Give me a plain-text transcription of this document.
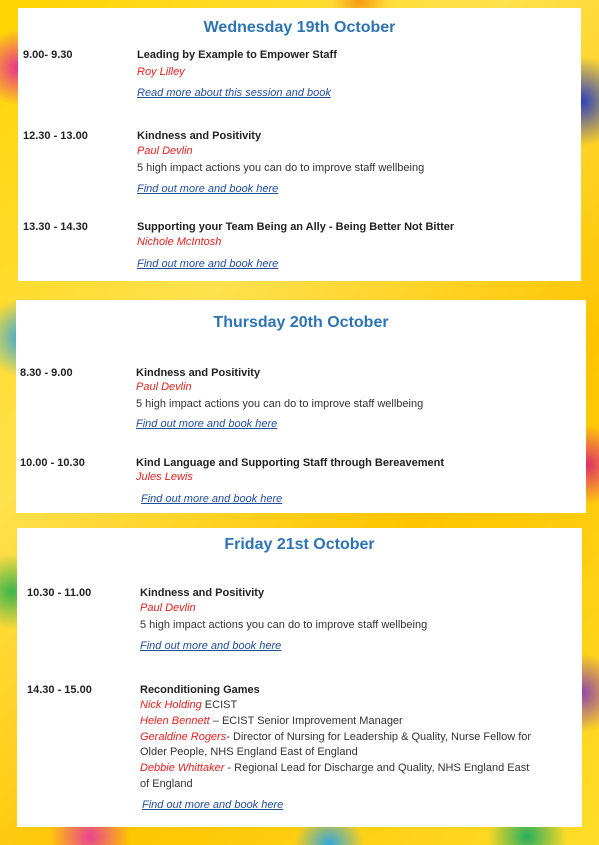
Wednesday 19th October
9.00- 9.30	Leading by Example to Empower Staff
Roy Lilley
Read more about this session and book
12.30 - 13.00	Kindness and Positivity
Paul Devlin
5 high impact actions you can do to improve staff wellbeing
Find out more and book here
13.30 - 14.30	Supporting your Team Being an Ally - Being Better Not Bitter
Nichole McIntosh
Find out more and book here
Thursday 20th October
8.30 - 9.00	Kindness and Positivity
Paul Devlin
5 high impact actions you can do to improve staff wellbeing
Find out more and book here
10.00 - 10.30	Kind Language and Supporting Staff through Bereavement
Jules Lewis
Find out more and book here
Friday 21st October
10.30 - 11.00	Kindness and Positivity
Paul Devlin
5 high impact actions you can do to improve staff wellbeing
Find out more and book here
14.30 - 15.00	Reconditioning Games
Nick Holding ECIST
Helen Bennett – ECIST Senior Improvement Manager
Geraldine Rogers- Director of Nursing for Leadership & Quality, Nurse Fellow for
Older People, NHS England East of England
Debbie Whittaker - Regional Lead for Discharge and Quality, NHS England East
of England
Find out more and book here
